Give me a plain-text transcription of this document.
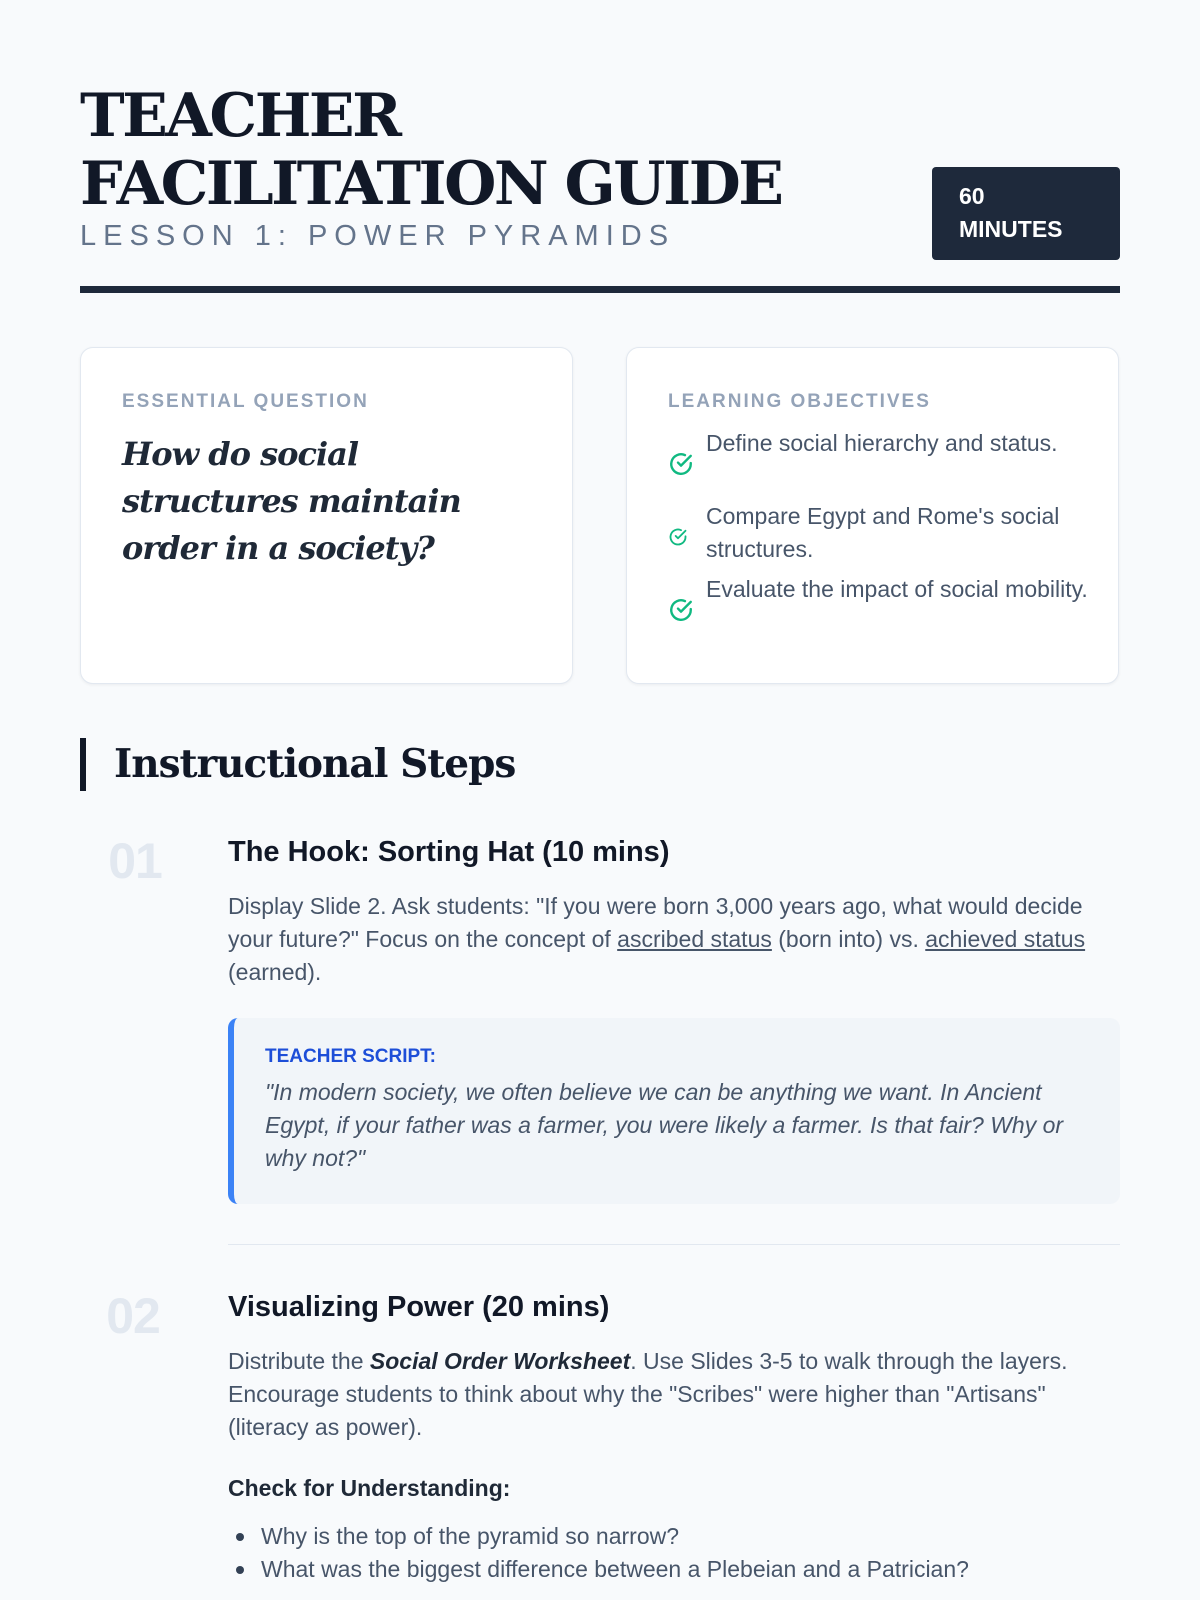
TEACHER FACILITATION GUIDE
LESSON 1: POWER PYRAMIDS
60
MINUTES
ESSENTIAL QUESTION
How do social structures maintain order in a society?
LEARNING OBJECTIVES
Define social hierarchy and status.
Compare Egypt and Rome's social structures.
Evaluate the impact of social mobility.
Instructional Steps
01	The Hook: Sorting Hat (10 mins)
Display Slide 2. Ask students: "If you were born 3,000 years ago, what would decide your future?" Focus on the concept of ascribed status (born into) vs. achieved status (earned).
TEACHER SCRIPT:
"In modern society, we often believe we can be anything we want. In Ancient Egypt, if your father was a farmer, you were likely a farmer. Is that fair? Why or why not?"
02	Visualizing Power (20 mins)
Distribute the Social Order Worksheet. Use Slides 3-5 to walk through the layers. Encourage students to think about why the "Scribes" were higher than "Artisans" (literacy as power).
Check for Understanding:
Why is the top of the pyramid so narrow?
What was the biggest difference between a Plebeian and a Patrician?
